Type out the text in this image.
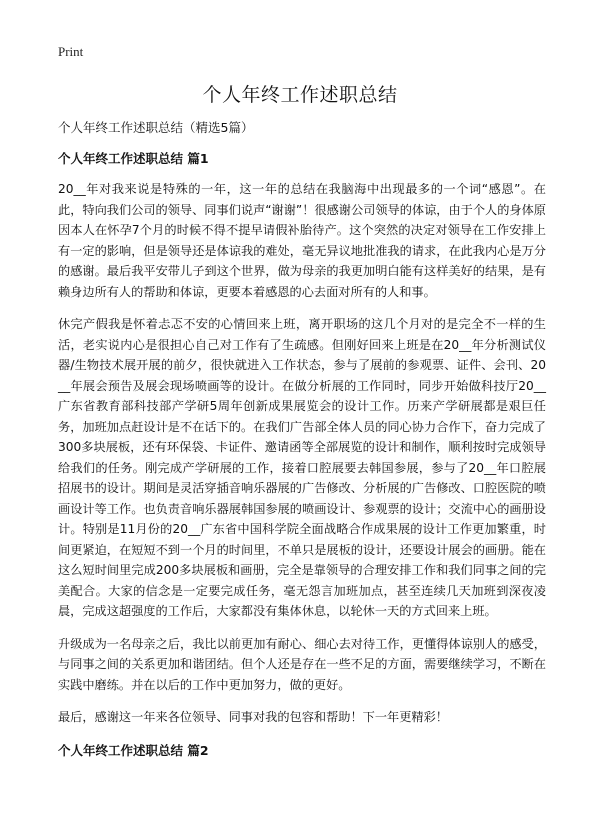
Print
个人年终工作述职总结

个人年终工作述职总结（精选5篇）

个人年终工作述职总结 篇1

20__年对我来说是特殊的一年，这一年的总结在我脑海中出现最多的一个词“感恩”。在此，特向我们公司的领导、同事们说声“谢谢”！很感谢公司领导的体谅，由于个人的身体原因本人在怀孕7个月的时候不得不提早请假补胎待产。这个突然的决定对领导在工作安排上有一定的影响，但是领导还是体谅我的难处，毫无异议地批准我的请求，在此我内心是万分的感谢。最后我平安带儿子到这个世界，做为母亲的我更加明白能有这样美好的结果，是有赖身边所有人的帮助和体谅，更要本着感恩的心去面对所有的人和事。

休完产假我是怀着忐忑不安的心情回来上班，离开职场的这几个月对的是完全不一样的生活，老实说内心是很担心自己对工作有了生疏感。但刚好回来上班是在20__年分析测试仪器/生物技术展开展的前夕，很快就进入工作状态，参与了展前的参观票、证件、会刊、20__年展会预告及展会现场喷画等的设计。在做分析展的工作同时，同步开始做科技厅20__广东省教育部科技部产学研5周年创新成果展览会的设计工作。历来产学研展都是艰巨任务，加班加点赶设计是不在话下的。在我们广告部全体人员的同心协力合作下，奋力完成了300多块展板，还有环保袋、卡证件、邀请函等全部展览的设计和制作，顺利按时完成领导给我们的任务。刚完成产学研展的工作，接着口腔展要去韩国参展，参与了20__年口腔展招展书的设计。期间是灵活穿插音响乐器展的广告修改、分析展的广告修改、口腔医院的喷画设计等工作。也负责音响乐器展韩国参展的喷画设计、参观票的设计；交流中心的画册设计。特别是11月份的20__广东省中国科学院全面战略合作成果展的设计工作更加繁重，时间更紧迫，在短短不到一个月的时间里，不单只是展板的设计，还要设计展会的画册。能在这么短时间里完成200多块展板和画册，完全是靠领导的合理安排工作和我们同事之间的完美配合。大家的信念是一定要完成任务，毫无怨言加班加点，甚至连续几天加班到深夜凌晨，完成这超强度的工作后，大家都没有集体休息，以轮休一天的方式回来上班。

升级成为一名母亲之后，我比以前更加有耐心、细心去对待工作，更懂得体谅别人的感受，与同事之间的关系更加和谐团结。但个人还是存在一些不足的方面，需要继续学习，不断在实践中磨练。并在以后的工作中更加努力，做的更好。

最后，感谢这一年来各位领导、同事对我的包容和帮助！下一年更精彩！

个人年终工作述职总结 篇2
